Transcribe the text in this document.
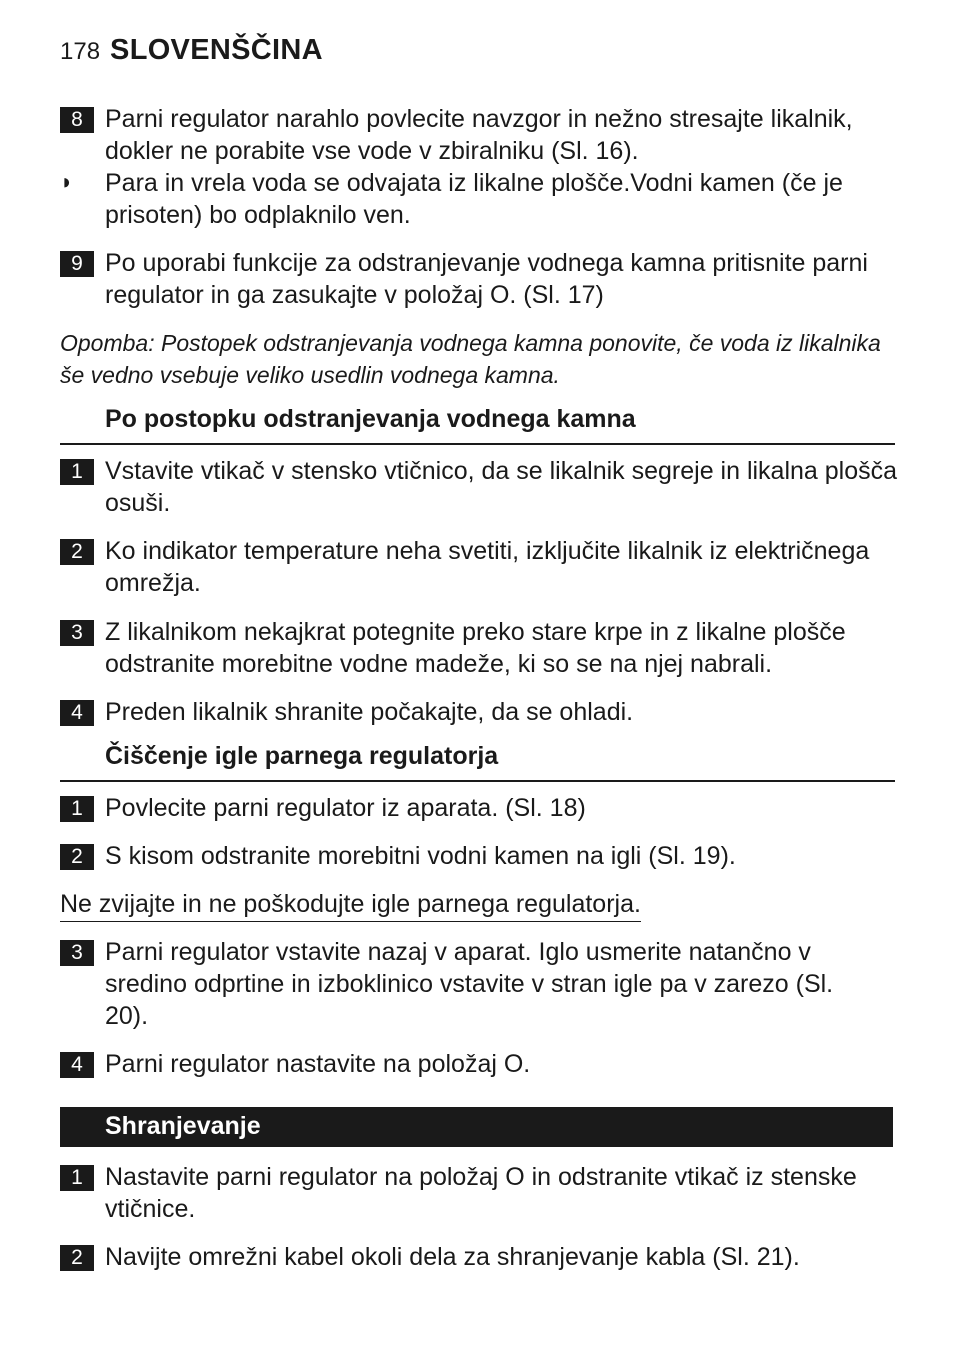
178 SLOVENŠČINA
8 Parni regulator narahlo povlecite navzgor in nežno stresajte likalnik, dokler ne porabite vse vode v zbiralniku (Sl. 16).
◗ Para in vrela voda se odvajata iz likalne plošče.Vodni kamen (če je prisoten) bo odplaknilo ven.
9 Po uporabi funkcije za odstranjevanje vodnega kamna pritisnite parni regulator in ga zasukajte v položaj O. (Sl. 17)
Opomba: Postopek odstranjevanja vodnega kamna ponovite, če voda iz likalnika še vedno vsebuje veliko usedlin vodnega kamna.
Po postopku odstranjevanja vodnega kamna
1 Vstavite vtikač v stensko vtičnico, da se likalnik segreje in likalna plošča osuši.
2 Ko indikator temperature neha svetiti, izključite likalnik iz električnega omrežja.
3 Z likalnikom nekajkrat potegnite preko stare krpe in z likalne plošče odstranite morebitne vodne madeže, ki so se na njej nabrali.
4 Preden likalnik shranite počakajte, da se ohladi.
Čiščenje igle parnega regulatorja
1 Povlecite parni regulator iz aparata. (Sl. 18)
2 S kisom odstranite morebitni vodni kamen na igli (Sl. 19).
Ne zvijajte in ne poškodujte igle parnega regulatorja.
3 Parni regulator vstavite nazaj v aparat. Iglo usmerite natančno v sredino odprtine in izboklinico vstavite v stran igle pa v zarezo (Sl. 20).
4 Parni regulator nastavite na položaj O.
Shranjevanje
1 Nastavite parni regulator na položaj O in odstranite vtikač iz stenske vtičnice.
2 Navijte omrežni kabel okoli dela za shranjevanje kabla (Sl. 21).
